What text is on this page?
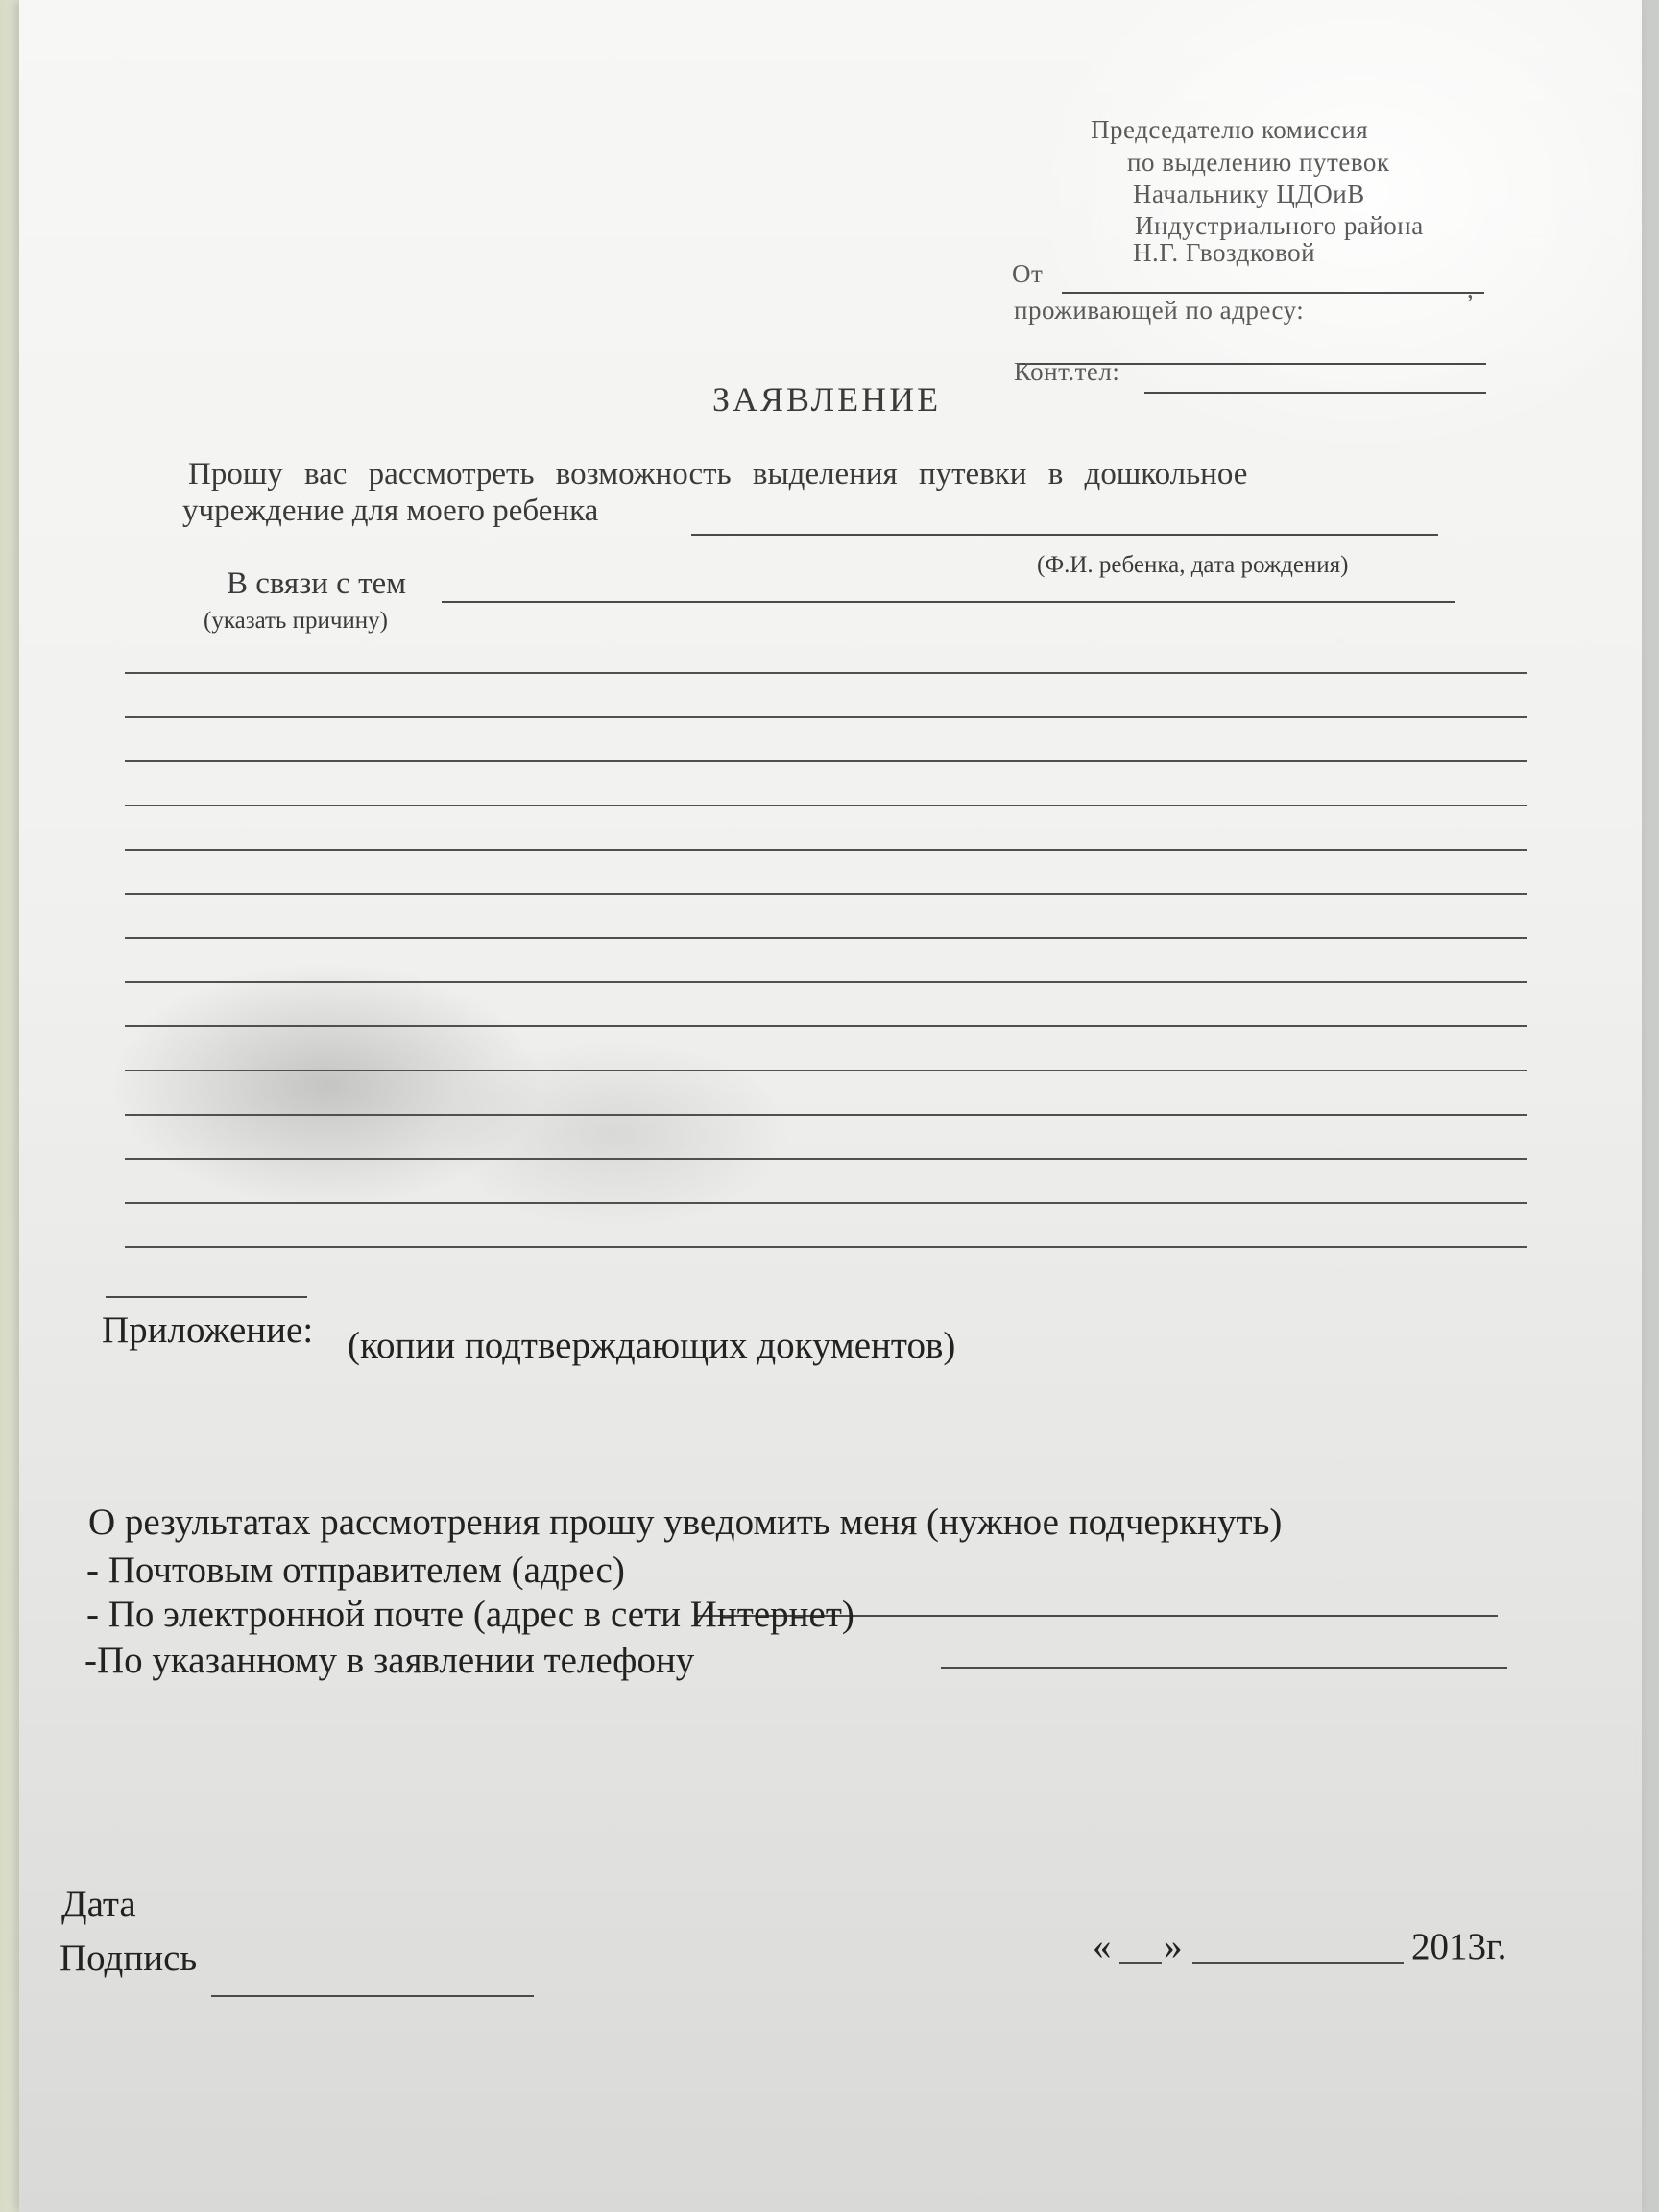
Председателю комиссия
по выделению путевок
Начальнику ЦДОиВ
Индустриального района
Н.Г. Гвоздковой
От
,
проживающей по адресу:
Конт.тел:
ЗАЯВЛЕНИЕ
Прошу вас рассмотреть возможность выделения путевки в дошкольное
учреждение для моего ребенка
(Ф.И. ребенка, дата рождения)
В связи с тем
(указать причину)
Приложение: (копии подтверждающих документов)
О результатах рассмотрения прошу уведомить меня (нужное подчеркнуть)
- Почтовым отправителем (адрес)
- По электронной почте (адрес в сети Интернет)
-По указанному в заявлении телефону
Дата
Подпись	« »	2013г.
